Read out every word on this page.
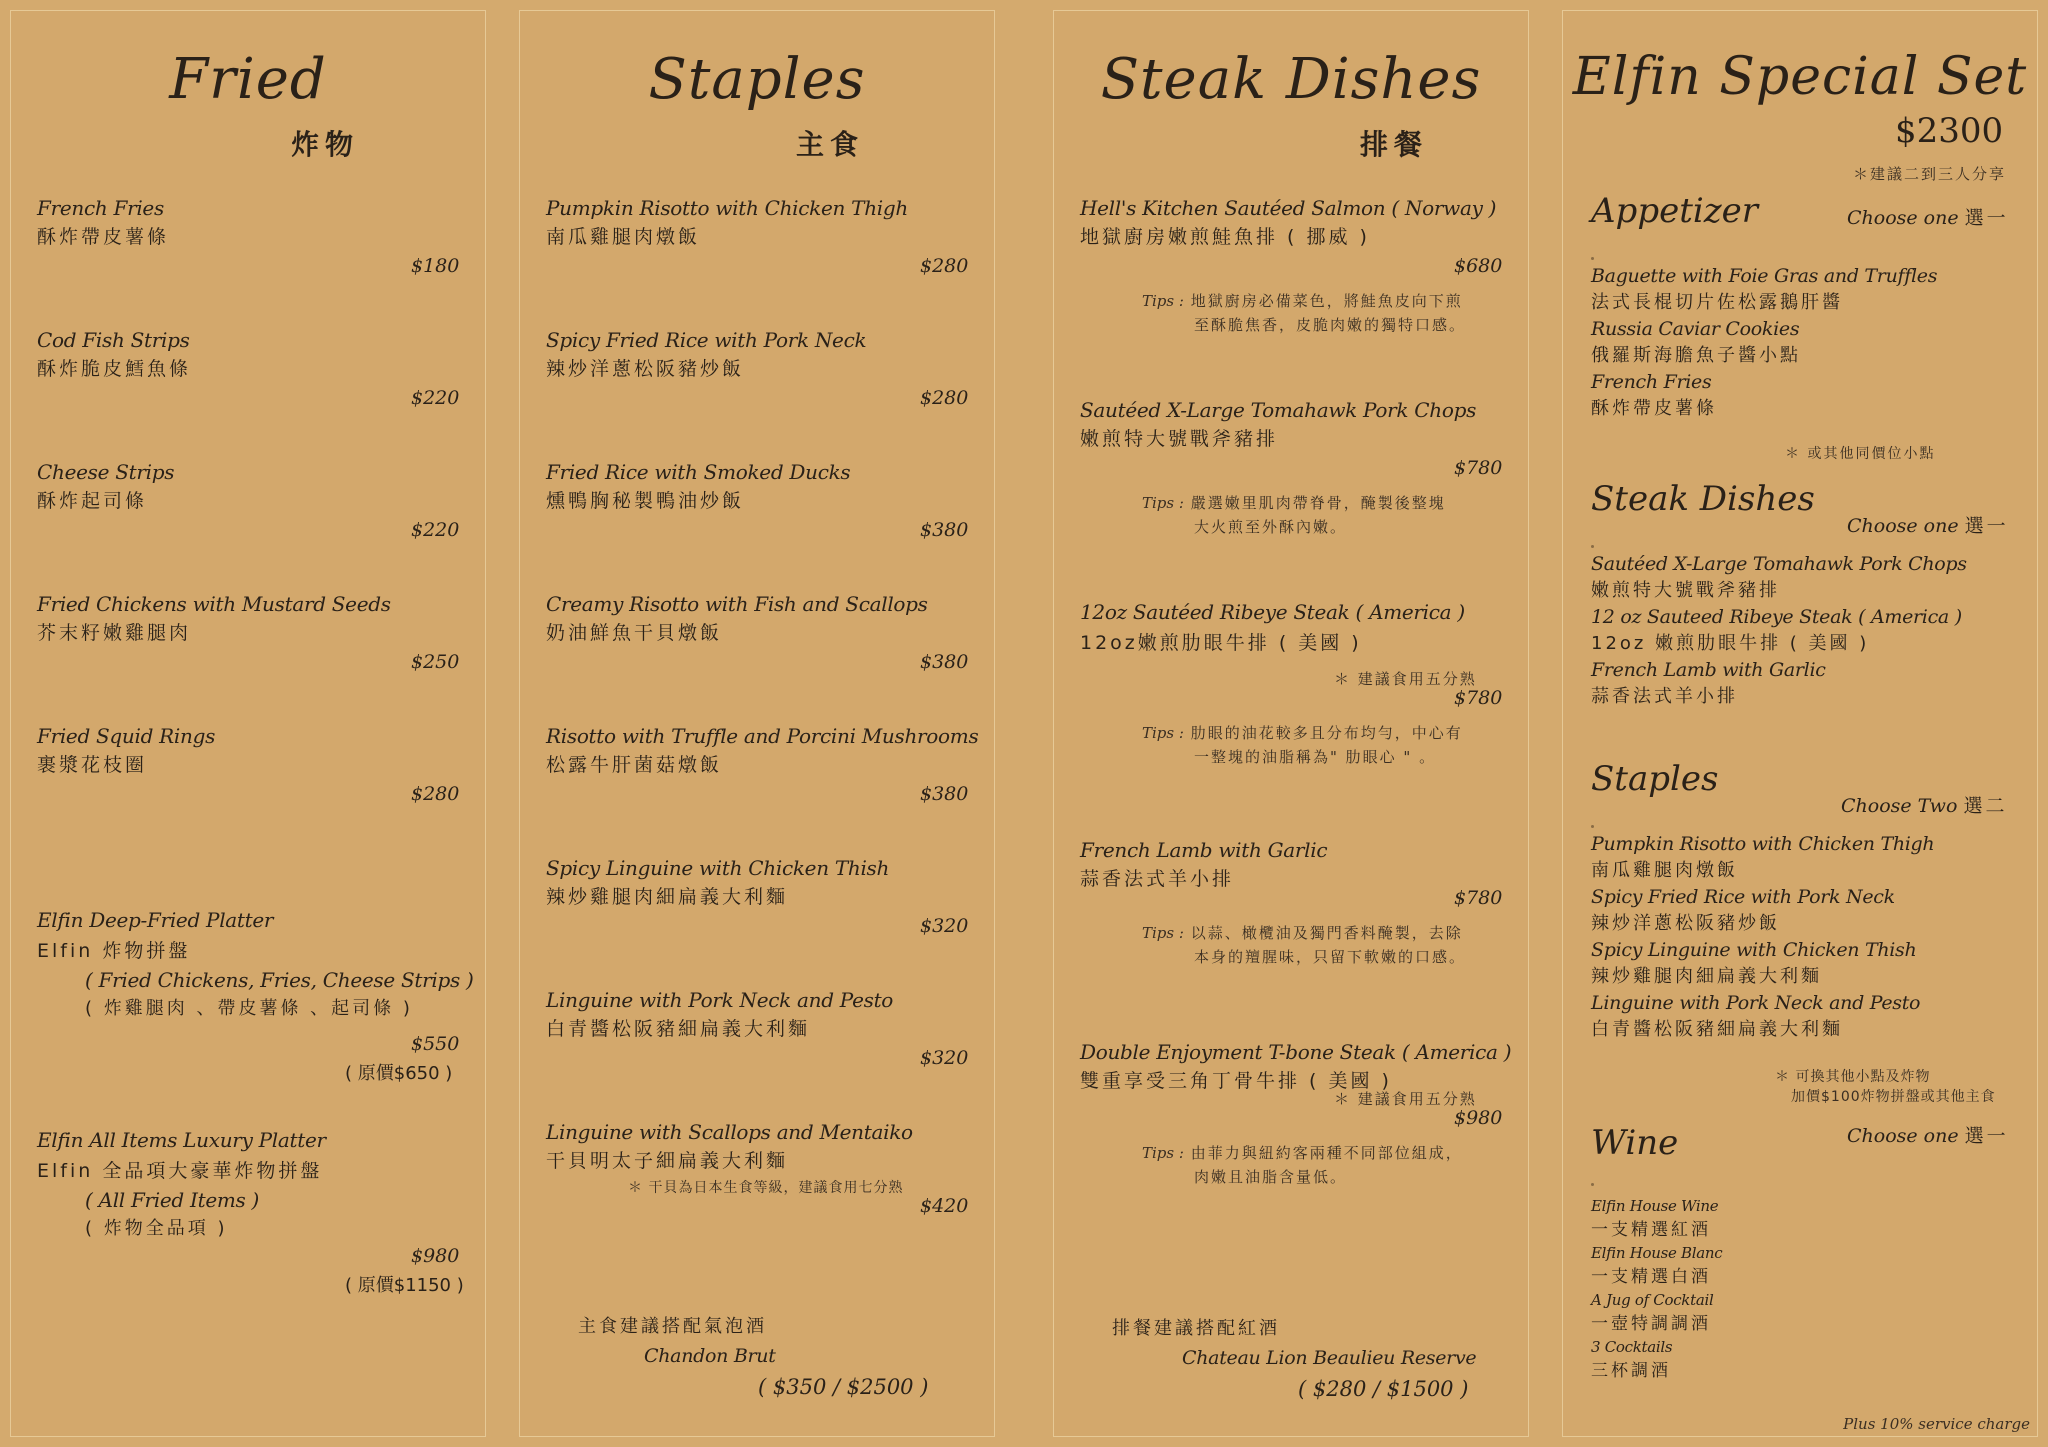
Fried
炸物
French Fries
酥炸帶皮薯條
$180
Cod Fish Strips
酥炸脆皮鱈魚條
$220
Cheese Strips
酥炸起司條
$220
Fried Chickens with Mustard Seeds
芥末籽嫩雞腿肉
$250
Fried Squid Rings
裹漿花枝圈
$280
Elfin Deep-Fried Platter
Elfin 炸物拼盤
( Fried Chickens, Fries, Cheese Strips )
( 炸雞腿肉 、帶皮薯條 、起司條 )
$550
( 原價$650 )
Elfin All Items Luxury Platter
Elfin 全品項大豪華炸物拼盤
( All Fried Items )
( 炸物全品項 )
$980
( 原價$1150 )
Staples
主食
Pumpkin Risotto with Chicken Thigh
南瓜雞腿肉燉飯
$280
Spicy Fried Rice with Pork Neck
辣炒洋蔥松阪豬炒飯
$280
Fried Rice with Smoked Ducks
燻鴨胸秘製鴨油炒飯
$380
Creamy Risotto with Fish and Scallops
奶油鮮魚干貝燉飯
$380
Risotto with Truffle and Porcini Mushrooms
松露牛肝菌菇燉飯
$380
Spicy Linguine with Chicken Thish
辣炒雞腿肉細扁義大利麵
$320
Linguine with Pork Neck and Pesto
白青醬松阪豬細扁義大利麵
$320
Linguine with Scallops and Mentaiko
干貝明太子細扁義大利麵
＊ 干貝為日本生食等級，建議食用七分熟
$420
主食建議搭配氣泡酒
Chandon Brut
( $350 / $2500 )
Steak Dishes
排餐
Hell's Kitchen Sautéed Salmon ( Norway )
地獄廚房嫩煎鮭魚排 ( 挪威 )
$680
Tips : 地獄廚房必備菜色，將鮭魚皮向下煎
至酥脆焦香，皮脆肉嫩的獨特口感。
Sautéed X-Large Tomahawk Pork Chops
嫩煎特大號戰斧豬排
$780
Tips : 嚴選嫩里肌肉帶脊骨，醃製後整塊
大火煎至外酥內嫩。
12oz Sautéed Ribeye Steak ( America )
12oz嫩煎肋眼牛排 ( 美國 )
＊ 建議食用五分熟
$780
Tips : 肋眼的油花較多且分布均勻，中心有
一整塊的油脂稱為" 肋眼心 " 。
French Lamb with Garlic
蒜香法式羊小排
$780
Tips : 以蒜、橄欖油及獨門香料醃製，去除
本身的羶腥味，只留下軟嫩的口感。
Double Enjoyment T-bone Steak ( America )
雙重享受三角丁骨牛排 ( 美國 )
＊ 建議食用五分熟
$980
Tips : 由菲力與紐約客兩種不同部位組成，
肉嫩且油脂含量低。
排餐建議搭配紅酒
Chateau Lion Beaulieu Reserve
( $280 / $1500 )
Elfin Special Set
$2300
＊建議二到三人分享
Appetizer	Choose one 選一
Baguette with Foie Gras and Truffles
法式長棍切片佐松露鵝肝醬
Russia Caviar Cookies
俄羅斯海膽魚子醬小點
French Fries
酥炸帶皮薯條
＊ 或其他同價位小點
Steak Dishes
Choose one 選一
Sautéed X-Large Tomahawk Pork Chops
嫩煎特大號戰斧豬排
12 oz Sauteed Ribeye Steak ( America )
12oz 嫩煎肋眼牛排 ( 美國 )
French Lamb with Garlic
蒜香法式羊小排
Staples
Choose Two 選二
Pumpkin Risotto with Chicken Thigh
南瓜雞腿肉燉飯
Spicy Fried Rice with Pork Neck
辣炒洋蔥松阪豬炒飯
Spicy Linguine with Chicken Thish
辣炒雞腿肉細扁義大利麵
Linguine with Pork Neck and Pesto
白青醬松阪豬細扁義大利麵
＊ 可換其他小點及炸物
加價$100炸物拼盤或其他主食
Choose one 選一
Wine
Elfin House Wine
一支精選紅酒
Elfin House Blanc
一支精選白酒
A Jug of Cocktail
一壺特調調酒
3 Cocktails
三杯調酒
Plus 10% service charge
